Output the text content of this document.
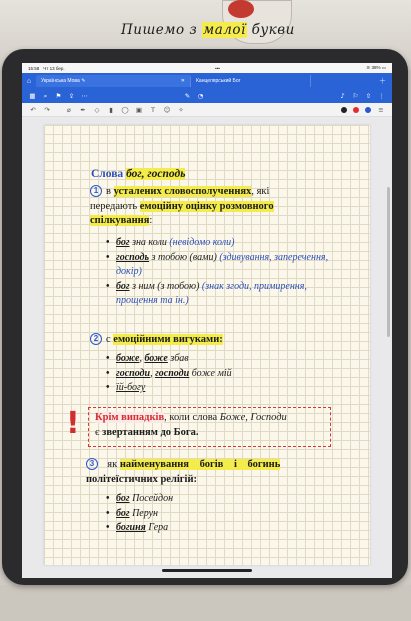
15:58 Чт 13 бер.	•••	≋ 38% ▭
⌂	Українська Мова ✎	✕ Канцелярський Бог	＋
▦	⌕	⚑	⇪	⋯	✎	◔	♪	⚐	⇧	⋮
↶	↷	⌀	✒	◇	▮	◯	▣	T	☺	✧	≡
Пишемо з малої букви
Слова бог, господь
1 в усталених словосполученнях, які
передають емоційну оцінку розмовного
спілкування:
• бог зна коли (невідомо коли)
• господь з тобою (вами) (здивування, заперечення, докір)
• бог з ним (з тобою) (знак згоди, примирення, прощення та ін.)
2 с емоційними вигуками:
• боже, боже збав
• господи, господи боже мій
• їй-богу
!	Крім випадків, коли слова Боже, Господи
є звертанням до Бога.
3 як найменування богів і богинь
політеїстичних релігій:
• бог Посейдон
• бог Перун
• богиня Гера
